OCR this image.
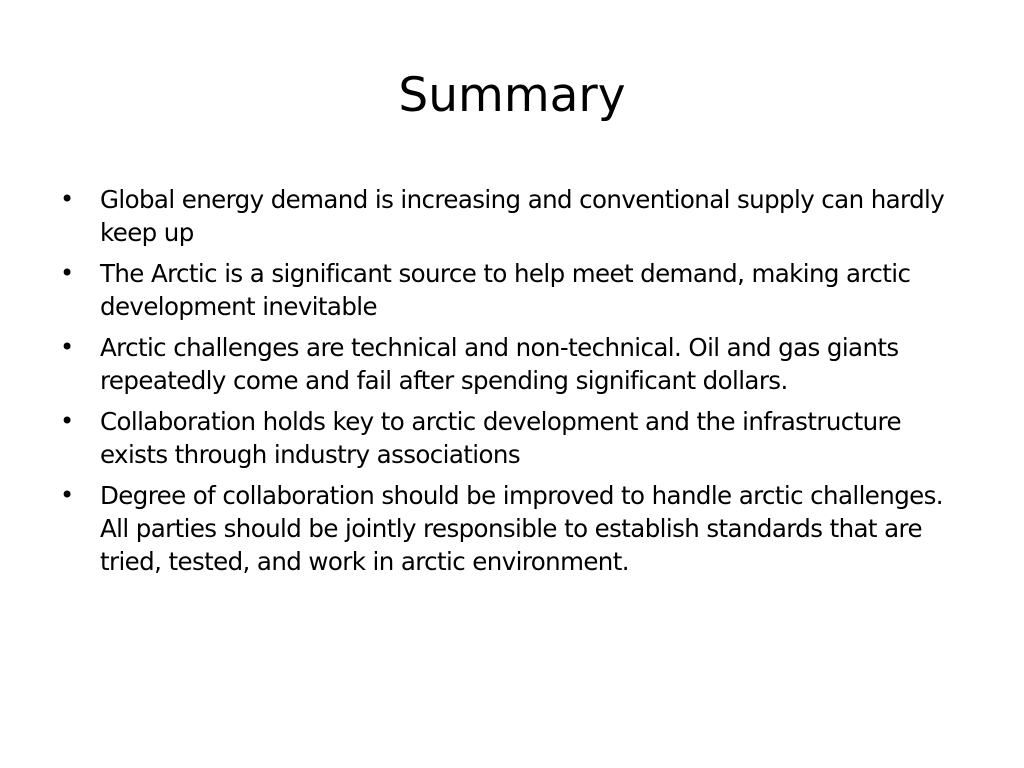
Summary
• Global energy demand is increasing and conventional supply can hardly keep up
• The Arctic is a significant source to help meet demand, making arctic development inevitable
• Arctic challenges are technical and non-technical. Oil and gas giants repeatedly come and fail after spending significant dollars.
• Collaboration holds key to arctic development and the infrastructure exists through industry associations
• Degree of collaboration should be improved to handle arctic challenges. All parties should be jointly responsible to establish standards that are tried, tested, and work in arctic environment.
